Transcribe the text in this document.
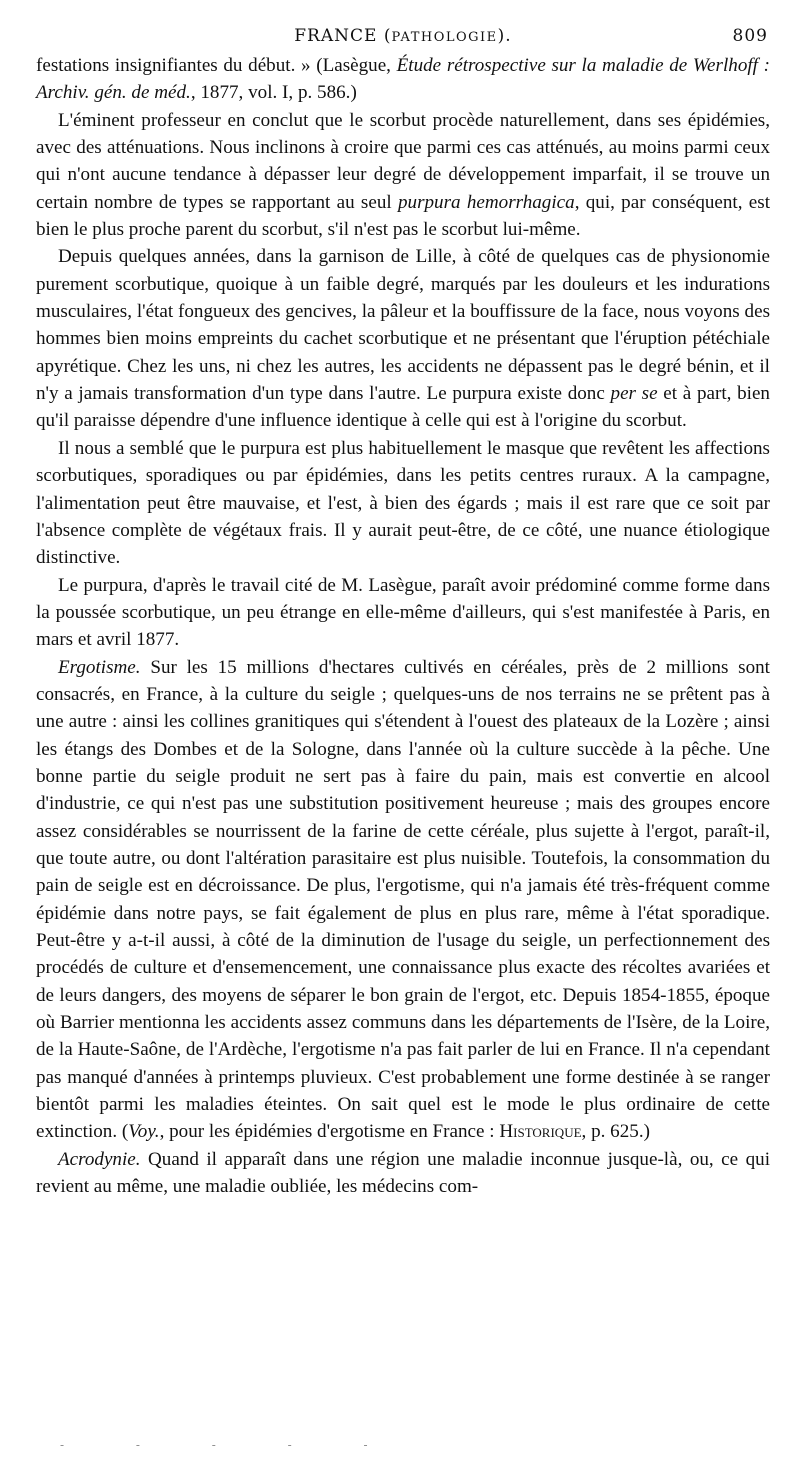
FRANCE (PATHOLOGIE).	809

festations insignifiantes du début. » (Lasègue, Étude rétrospective sur la maladie de Werlhoff : Archiv. gén. de méd., 1877, vol. I, p. 586.)

L'éminent professeur en conclut que le scorbut procède naturellement, dans ses épidémies, avec des atténuations. Nous inclinons à croire que parmi ces cas atténués, au moins parmi ceux qui n'ont aucune tendance à dépasser leur degré de développement imparfait, il se trouve un certain nombre de types se rapportant au seul purpura hemorrhagica, qui, par conséquent, est bien le plus proche parent du scorbut, s'il n'est pas le scorbut lui-même.

Depuis quelques années, dans la garnison de Lille, à côté de quelques cas de physionomie purement scorbutique, quoique à un faible degré, marqués par les douleurs et les indurations musculaires, l'état fongueux des gencives, la pâleur et la bouffissure de la face, nous voyons des hommes bien moins empreints du cachet scorbutique et ne présentant que l'éruption pétéchiale apyrétique. Chez les uns, ni chez les autres, les accidents ne dépassent pas le degré bénin, et il n'y a jamais transformation d'un type dans l'autre. Le purpura existe donc per se et à part, bien qu'il paraisse dépendre d'une influence identique à celle qui est à l'origine du scorbut.

Il nous a semblé que le purpura est plus habituellement le masque que revêtent les affections scorbutiques, sporadiques ou par épidémies, dans les petits centres ruraux. A la campagne, l'alimentation peut être mauvaise, et l'est, à bien des égards ; mais il est rare que ce soit par l'absence complète de végétaux frais. Il y aurait peut-être, de ce côté, une nuance étiologique distinctive.

Le purpura, d'après le travail cité de M. Lasègue, paraît avoir prédominé comme forme dans la poussée scorbutique, un peu étrange en elle-même d'ailleurs, qui s'est manifestée à Paris, en mars et avril 1877.

Ergotisme. Sur les 15 millions d'hectares cultivés en céréales, près de 2 millions sont consacrés, en France, à la culture du seigle ; quelques-uns de nos terrains ne se prêtent pas à une autre : ainsi les collines granitiques qui s'étendent à l'ouest des plateaux de la Lozère ; ainsi les étangs des Dombes et de la Sologne, dans l'année où la culture succède à la pêche. Une bonne partie du seigle produit ne sert pas à faire du pain, mais est convertie en alcool d'industrie, ce qui n'est pas une substitution positivement heureuse ; mais des groupes encore assez considérables se nourrissent de la farine de cette céréale, plus sujette à l'ergot, paraît-il, que toute autre, ou dont l'altération parasitaire est plus nuisible. Toutefois, la consommation du pain de seigle est en décroissance. De plus, l'ergotisme, qui n'a jamais été très-fréquent comme épidémie dans notre pays, se fait également de plus en plus rare, même à l'état sporadique. Peut-être y a-t-il aussi, à côté de la diminution de l'usage du seigle, un perfectionnement des procédés de culture et d'ensemencement, une connaissance plus exacte des récoltes avariées et de leurs dangers, des moyens de séparer le bon grain de l'ergot, etc. Depuis 1854-1855, époque où Barrier mentionna les accidents assez communs dans les départements de l'Isère, de la Loire, de la Haute-Saône, de l'Ardèche, l'ergotisme n'a pas fait parler de lui en France. Il n'a cependant pas manqué d'années à printemps pluvieux. C'est probablement une forme destinée à se ranger bientôt parmi les maladies éteintes. On sait quel est le mode le plus ordinaire de cette extinction. (Voy., pour les épidémies d'ergotisme en France : Historique, p. 625.)

Acrodynie. Quand il apparaît dans une région une maladie inconnue jusque-là, ou, ce qui revient au même, une maladie oubliée, les médecins com-

- - - - -
